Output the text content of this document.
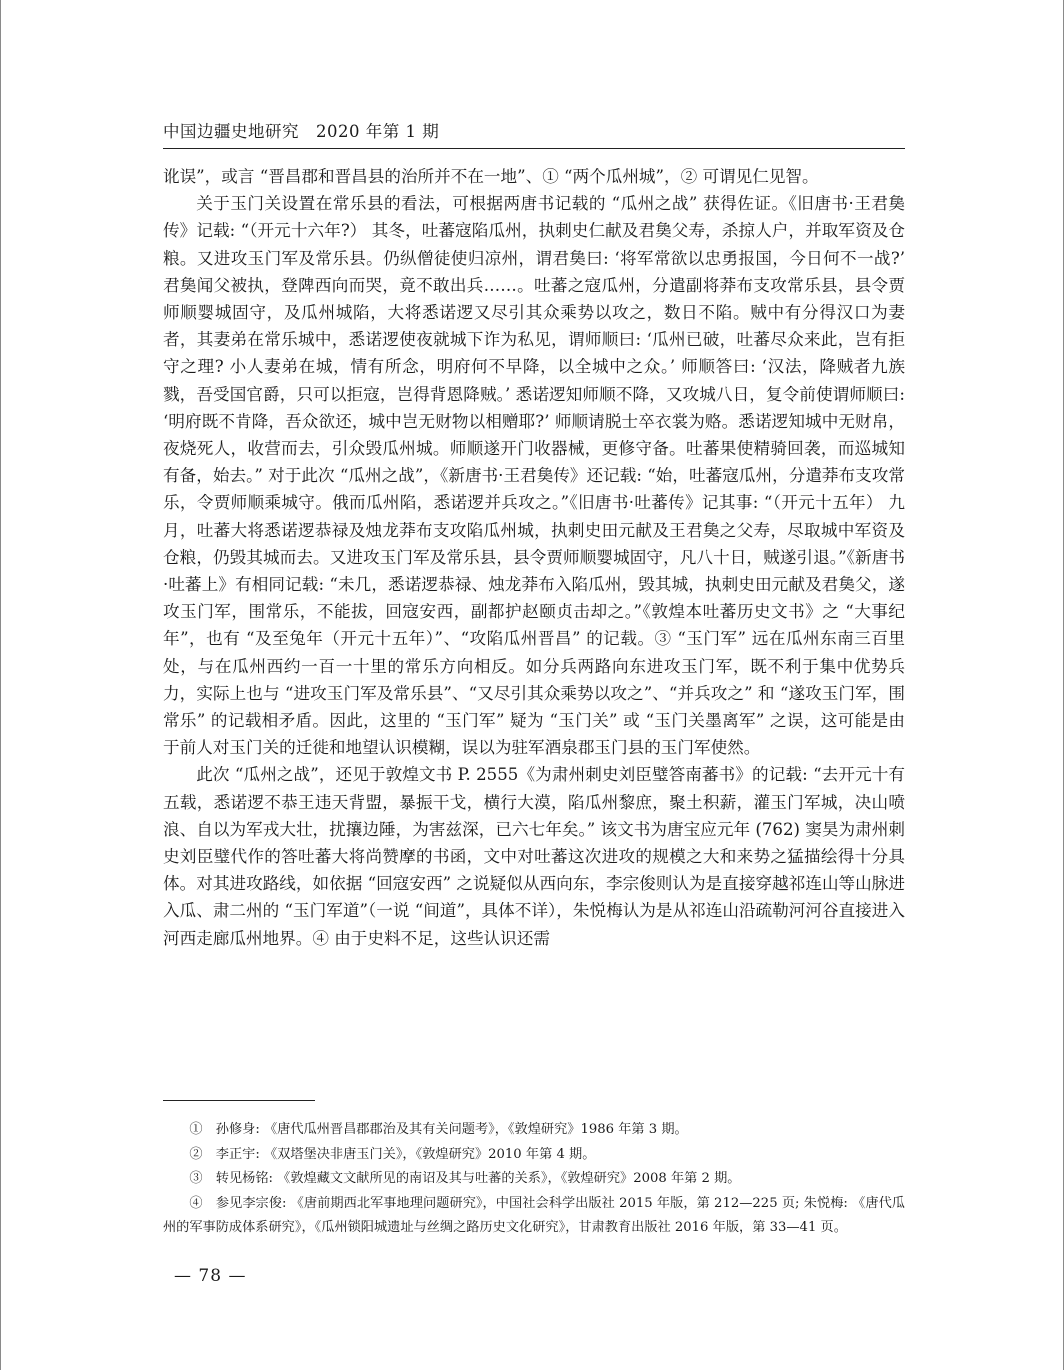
中国边疆史地研究　2020 年第 1 期

讹误”，或言 “晋昌郡和晋昌县的治所并不在一地”、① “两个瓜州城”，② 可谓见仁见智。

关于玉门关设置在常乐县的看法，可根据两唐书记载的 “瓜州之战” 获得佐证。《旧唐书·王君㚟传》记载: “（开元十六年?） 其冬，吐蕃寇陷瓜州，执刺史仁献及君㚟父寿，杀掠人户，并取军资及仓粮。又进攻玉门军及常乐县。仍纵僧徒使归凉州，谓君㚟曰: ‘将军常欲以忠勇报国，今日何不一战?’ 君㚟闻父被执，登陴西向而哭，竟不敢出兵……。吐蕃之寇瓜州，分遣副将莽布支攻常乐县，县令贾师顺婴城固守，及瓜州城陷，大将悉诺逻又尽引其众乘势以攻之，数日不陷。贼中有分得汉口为妻者，其妻弟在常乐城中，悉诺逻使夜就城下诈为私见，谓师顺曰: ‘瓜州已破，吐蕃尽众来此，岂有拒守之理? 小人妻弟在城，情有所念，明府何不早降，以全城中之众。’ 师顺答曰: ‘汉法，降贼者九族戮，吾受国官爵，只可以拒寇，岂得背恩降贼。’ 悉诺逻知师顺不降，又攻城八日，复令前使谓师顺曰: ‘明府既不肯降，吾众欲还，城中岂无财物以相赠耶?’ 师顺请脱士卒衣裳为赂。悉诺逻知城中无财帛，夜烧死人，收营而去，引众毁瓜州城。师顺遂开门收器械，更修守备。吐蕃果使精骑回袭，而巡城知有备，始去。” 对于此次 “瓜州之战”，《新唐书·王君㚟传》还记载: “始，吐蕃寇瓜州，分遣莽布支攻常乐，令贾师顺乘城守。俄而瓜州陷，悉诺逻并兵攻之。”《旧唐书·吐蕃传》记其事: “（开元十五年） 九月，吐蕃大将悉诺逻恭禄及烛龙莽布支攻陷瓜州城，执刺史田元献及王君㚟之父寿，尽取城中军资及仓粮，仍毁其城而去。又进攻玉门军及常乐县，县令贾师顺婴城固守，凡八十日，贼遂引退。”《新唐书·吐蕃上》有相同记载: “未几，悉诺逻恭禄、烛龙莽布入陷瓜州，毁其城，执刺史田元献及君㚟父，遂攻玉门军，围常乐，不能拔，回寇安西，副都护赵颐贞击却之。”《敦煌本吐蕃历史文书》之 “大事纪年”，也有 “及至兔年（开元十五年）”、“攻陷瓜州晋昌” 的记载。③ “玉门军” 远在瓜州东南三百里处，与在瓜州西约一百一十里的常乐方向相反。如分兵两路向东进攻玉门军，既不利于集中优势兵力，实际上也与 “进攻玉门军及常乐县”、“又尽引其众乘势以攻之”、“并兵攻之” 和 “遂攻玉门军，围常乐” 的记载相矛盾。因此，这里的 “玉门军” 疑为 “玉门关” 或 “玉门关墨离军” 之误，这可能是由于前人对玉门关的迁徙和地望认识模糊，误以为驻军酒泉郡玉门县的玉门军使然。

此次 “瓜州之战”，还见于敦煌文书 P. 2555《为肃州刺史刘臣璧答南蕃书》的记载: “去开元十有五载，悉诺逻不恭王违天背盟，暴振干戈，横行大漠，陷瓜州黎庶，聚土积薪，灌玉门军城，决山喷浪、自以为军戎大壮，扰攘边陲，为害兹深，已六七年矣。” 该文书为唐宝应元年 (762) 窦昊为肃州刺史刘臣璧代作的答吐蕃大将尚赞摩的书函，文中对吐蕃这次进攻的规模之大和来势之猛描绘得十分具体。对其进攻路线，如依据 “回寇安西” 之说疑似从西向东，李宗俊则认为是直接穿越祁连山等山脉进入瓜、肃二州的 “玉门军道”（一说 “间道”，具体不详），朱悦梅认为是从祁连山沿疏勒河河谷直接进入河西走廊瓜州地界。④ 由于史料不足，这些认识还需

①　孙修身: 《唐代瓜州晋昌郡郡治及其有关问题考》，《敦煌研究》1986 年第 3 期。

②　李正宇: 《双塔堡决非唐玉门关》，《敦煌研究》2010 年第 4 期。

③　转见杨铭: 《敦煌藏文文献所见的南诏及其与吐蕃的关系》，《敦煌研究》2008 年第 2 期。

④　参见李宗俊: 《唐前期西北军事地理问题研究》，中国社会科学出版社 2015 年版，第 212—225 页; 朱悦梅: 《唐代瓜州的军事防成体系研究》，《瓜州锁阳城遗址与丝绸之路历史文化研究》，甘肃教育出版社 2016 年版，第 33—41 页。

— 78 —
